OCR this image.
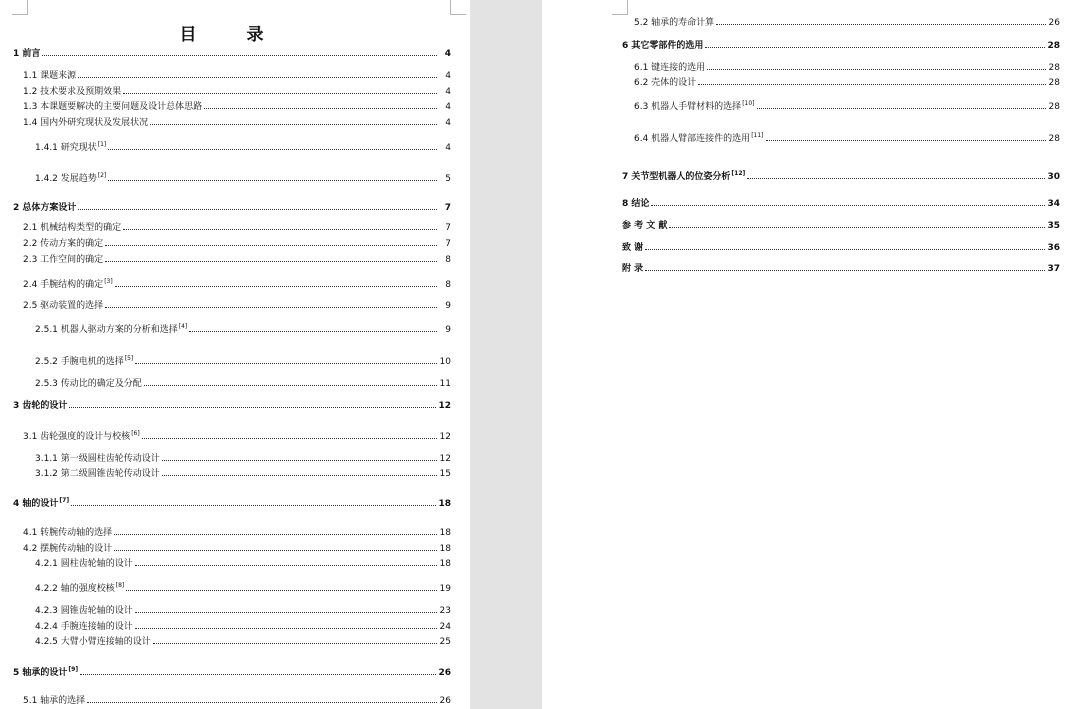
目 录
1 前言	4
1.1 课题来源	4
1.2 技术要求及预期效果	4
1.3 本课题要解决的主要问题及设计总体思路	4
1.4 国内外研究现状及发展状况	4
1.4.1 研究现状 [1]	4
1.4.2 发展趋势 [2]	5
2 总体方案设计	7
2.1 机械结构类型的确定	7
2.2 传动方案的确定	7
2.3 工作空间的确定	8
2.4 手腕结构的确定 [3]	8
2.5 驱动装置的选择	9
2.5.1 机器人驱动方案的分析和选择 [4]	9
2.5.2 手腕电机的选择 [5]	10
2.5.3 传动比的确定及分配	11
3 齿轮的设计	12
3.1 齿轮强度的设计与校核 [6]	12
3.1.1 第一级圆柱齿轮传动设计	12
3.1.2 第二级圆锥齿轮传动设计	15
4 轴的设计 [7]	18
4.1 转腕传动轴的选择	18
4.2 摆腕传动轴的设计	18
4.2.1 圆柱齿轮轴的设计	18
4.2.2 轴的强度校核 [8]	19
4.2.3 圆锥齿轮轴的设计	23
4.2.4 手腕连接轴的设计	24
4.2.5 大臂小臂连接轴的设计	25
5 轴承的设计 [9]	26
5.1 轴承的选择	26
5.2 轴承的寿命计算	26
6 其它零部件的选用	28
6.1 键连接的选用	28
6.2 壳体的设计	28
6.3 机器人手臂材料的选择 [10]	28
6.4 机器人臂部连接件的选用 [11]	28
7 关节型机器人的位姿分析 [12]	30
8 结论	34
参 考 文 献	35
致 谢	36
附 录	37
